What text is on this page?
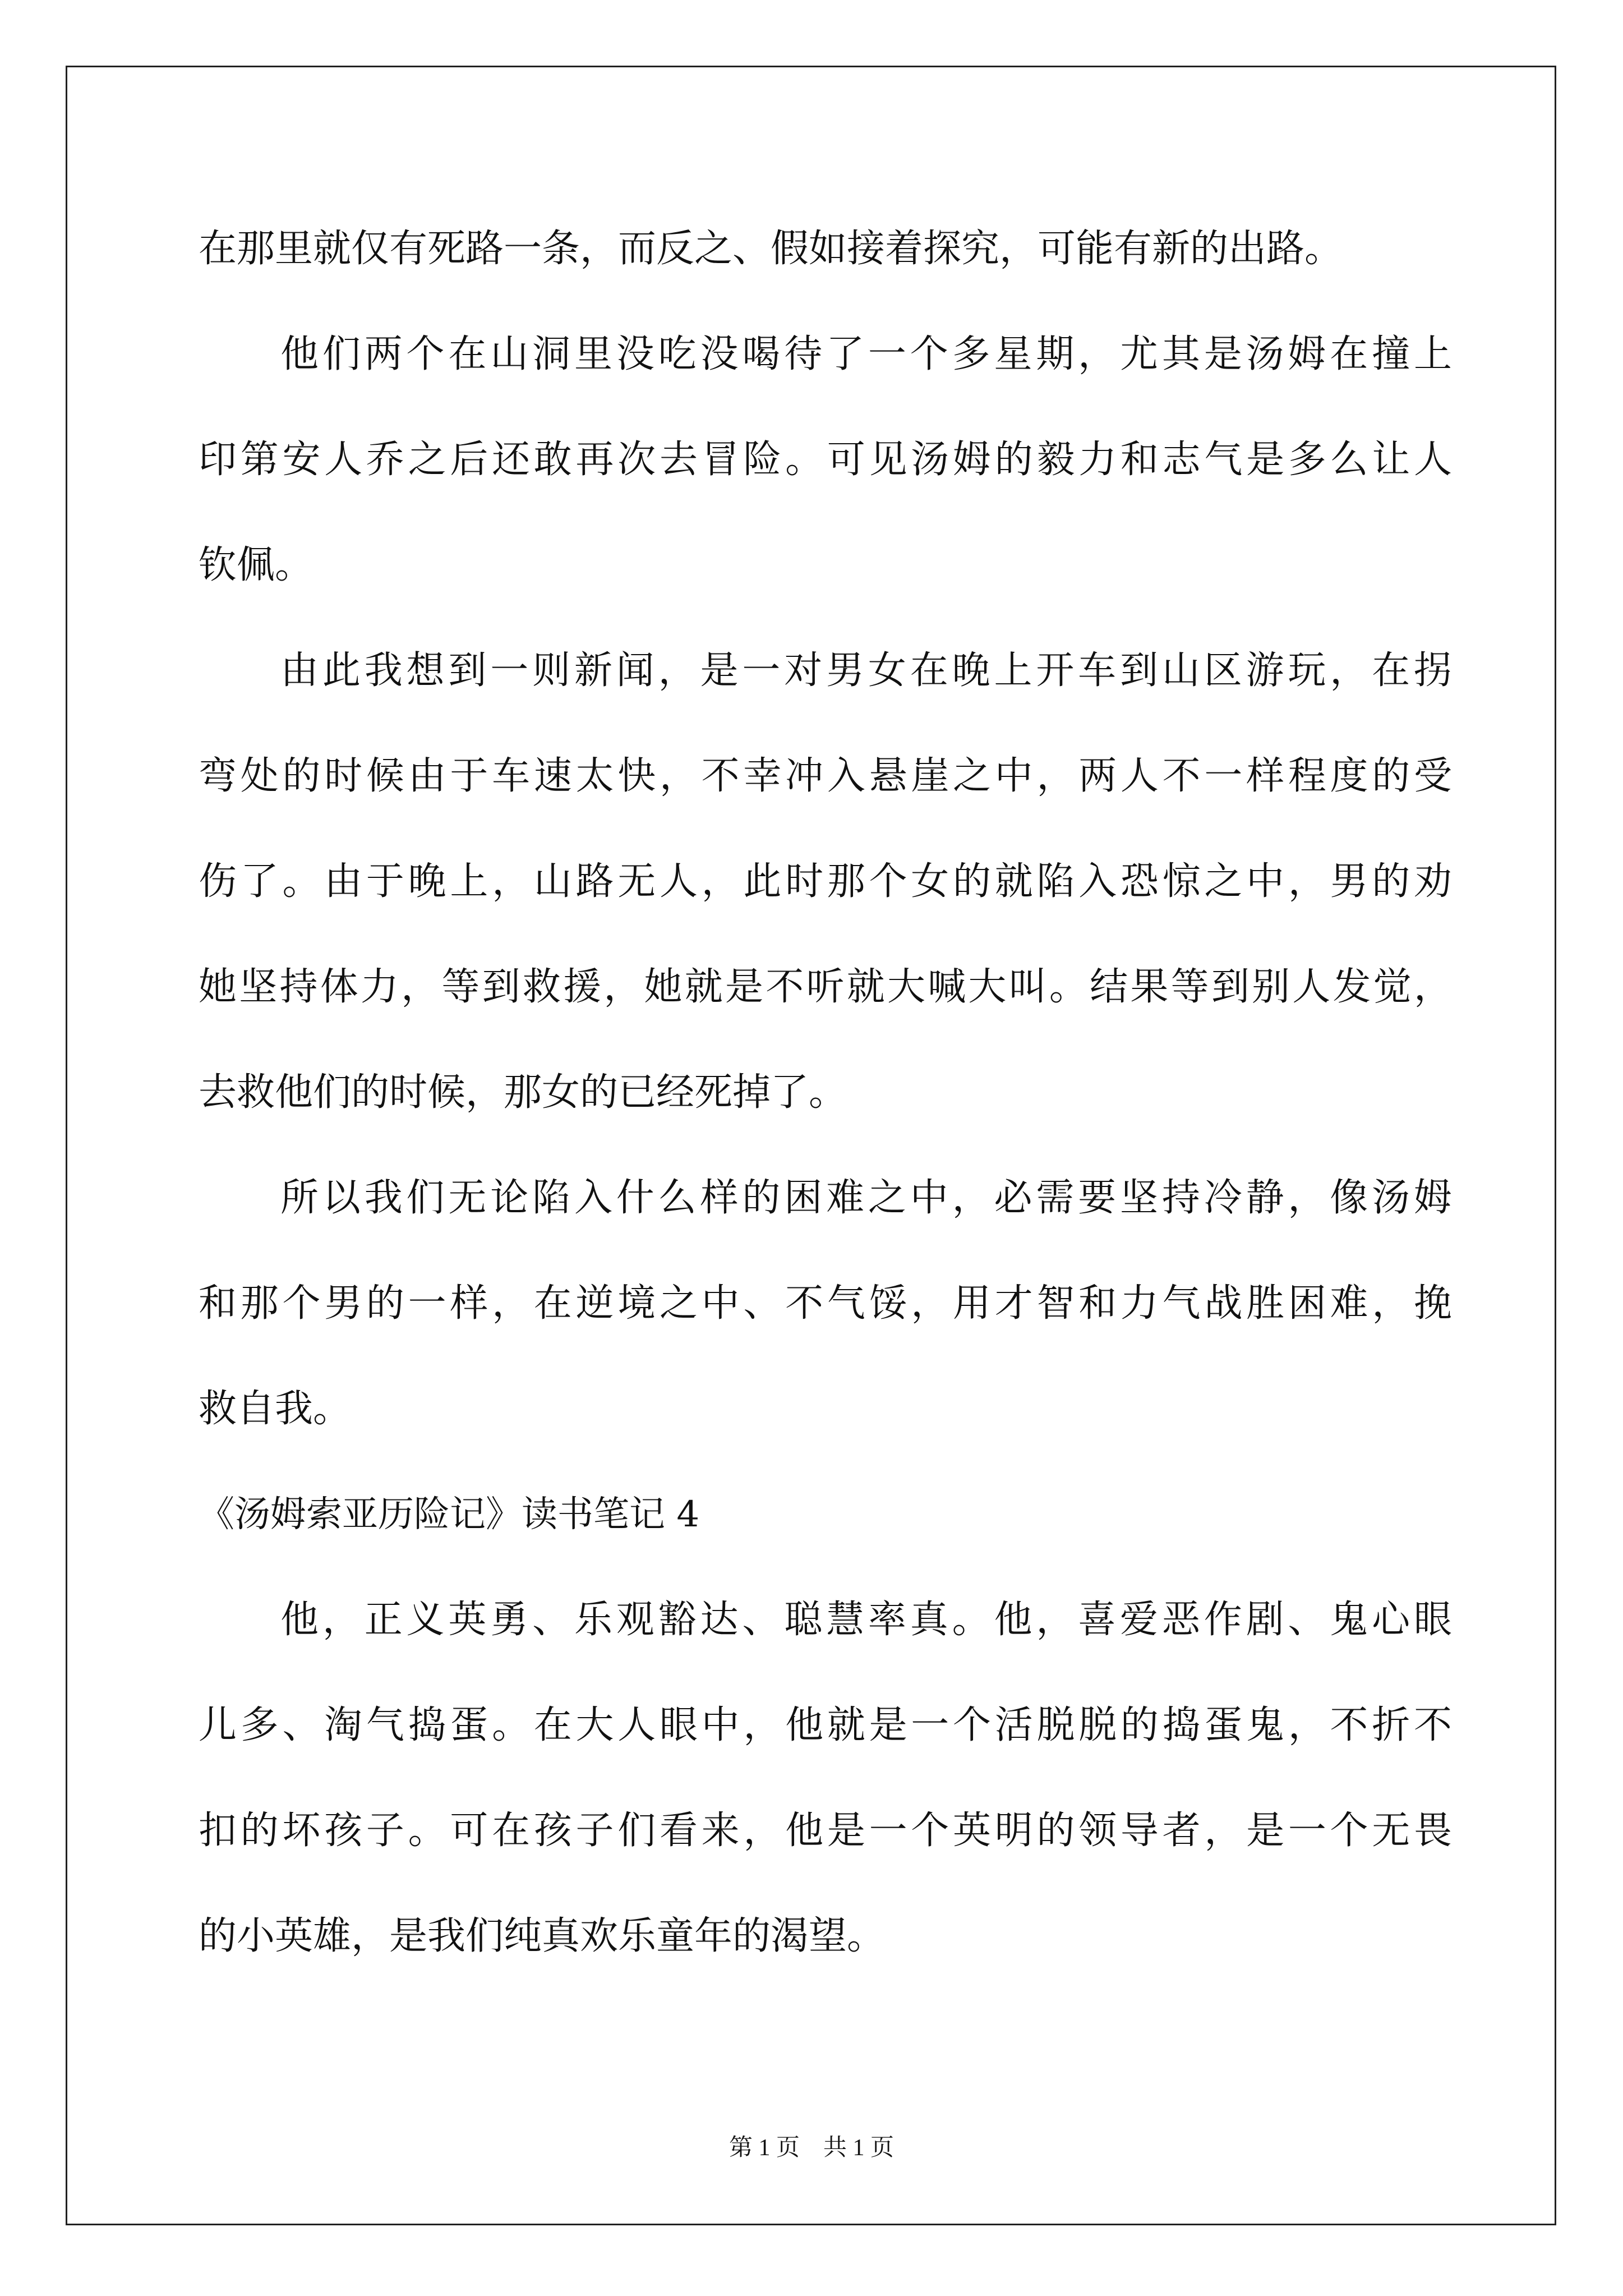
在那里就仅有死路一条，而反之、假如接着探究，可能有新的出路。
他们两个在山洞里没吃没喝待了一个多星期，尤其是汤姆在撞上
印第安人乔之后还敢再次去冒险。可见汤姆的毅力和志气是多么让人
钦佩。
由此我想到一则新闻，是一对男女在晚上开车到山区游玩，在拐
弯处的时候由于车速太快，不幸冲入悬崖之中，两人不一样程度的受
伤了。由于晚上，山路无人，此时那个女的就陷入恐惊之中，男的劝
她坚持体力，等到救援，她就是不听就大喊大叫。结果等到别人发觉，
去救他们的时候，那女的已经死掉了。
所以我们无论陷入什么样的困难之中，必需要坚持冷静，像汤姆
和那个男的一样，在逆境之中、不气馁，用才智和力气战胜困难，挽
救自我。
《汤姆索亚历险记》读书笔记 4
他，正义英勇、乐观豁达、聪慧率真。他，喜爱恶作剧、鬼心眼
儿多、淘气捣蛋。在大人眼中，他就是一个活脱脱的捣蛋鬼，不折不
扣的坏孩子。可在孩子们看来，他是一个英明的领导者，是一个无畏
的小英雄，是我们纯真欢乐童年的渴望。
第 1 页　共 1 页
